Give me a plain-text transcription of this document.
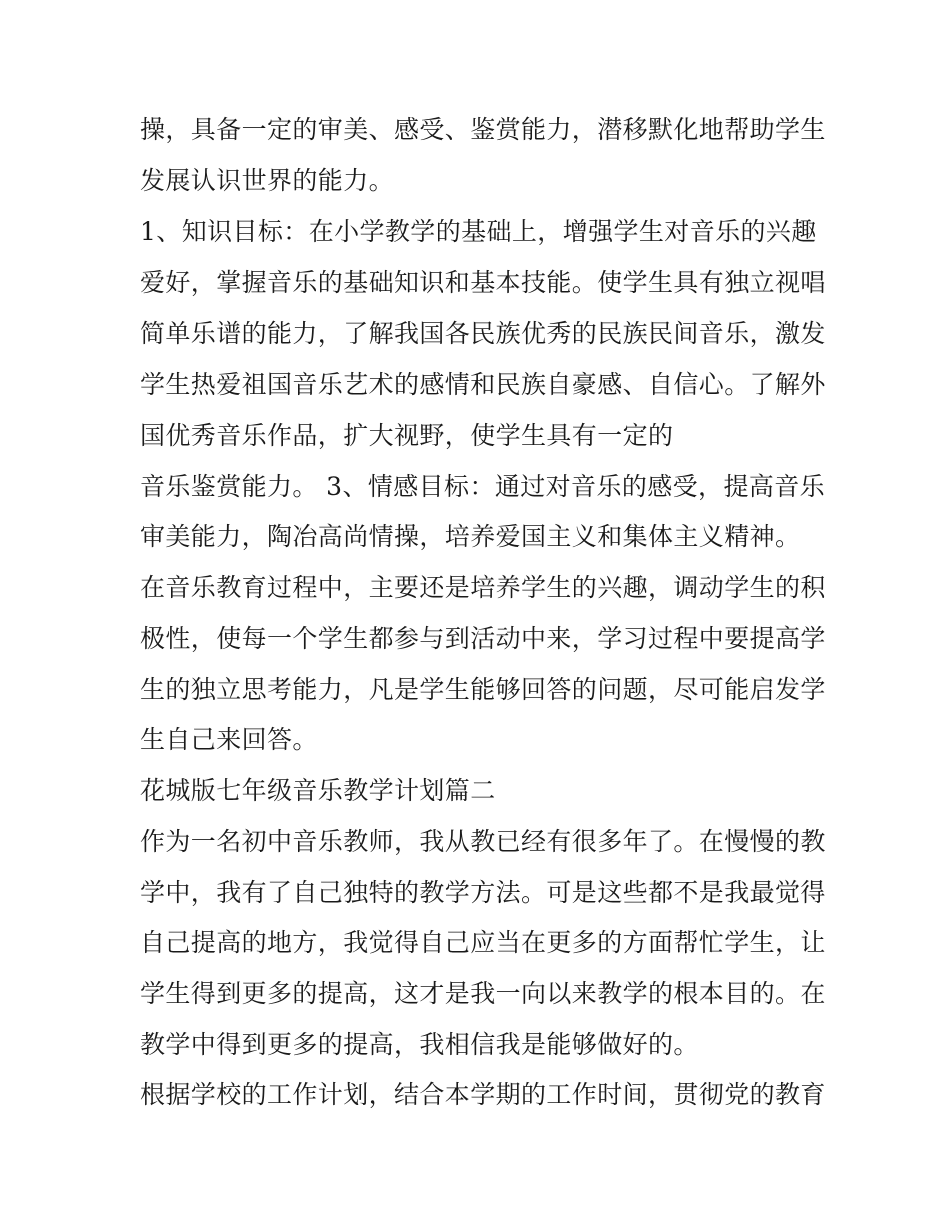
操，具备一定的审美、感受、鉴赏能力，潜移默化地帮助学生
发展认识世界的能力。
1、知识目标：在小学教学的基础上，增强学生对音乐的兴趣
爱好，掌握音乐的基础知识和基本技能。使学生具有独立视唱
简单乐谱的能力，了解我国各民族优秀的民族民间音乐，激发
学生热爱祖国音乐艺术的感情和民族自豪感、自信心。了解外
国优秀音乐作品，扩大视野，使学生具有一定的
音乐鉴赏能力。 3、情感目标：通过对音乐的感受，提高音乐
审美能力，陶冶高尚情操，培养爱国主义和集体主义精神。
在音乐教育过程中，主要还是培养学生的兴趣，调动学生的积
极性，使每一个学生都参与到活动中来，学习过程中要提高学
生的独立思考能力，凡是学生能够回答的问题，尽可能启发学
生自己来回答。
花城版七年级音乐教学计划篇二
作为一名初中音乐教师，我从教已经有很多年了。在慢慢的教
学中，我有了自己独特的教学方法。可是这些都不是我最觉得
自己提高的地方，我觉得自己应当在更多的方面帮忙学生，让
学生得到更多的提高，这才是我一向以来教学的根本目的。在
教学中得到更多的提高，我相信我是能够做好的。
根据学校的工作计划，结合本学期的工作时间，贯彻党的教育
